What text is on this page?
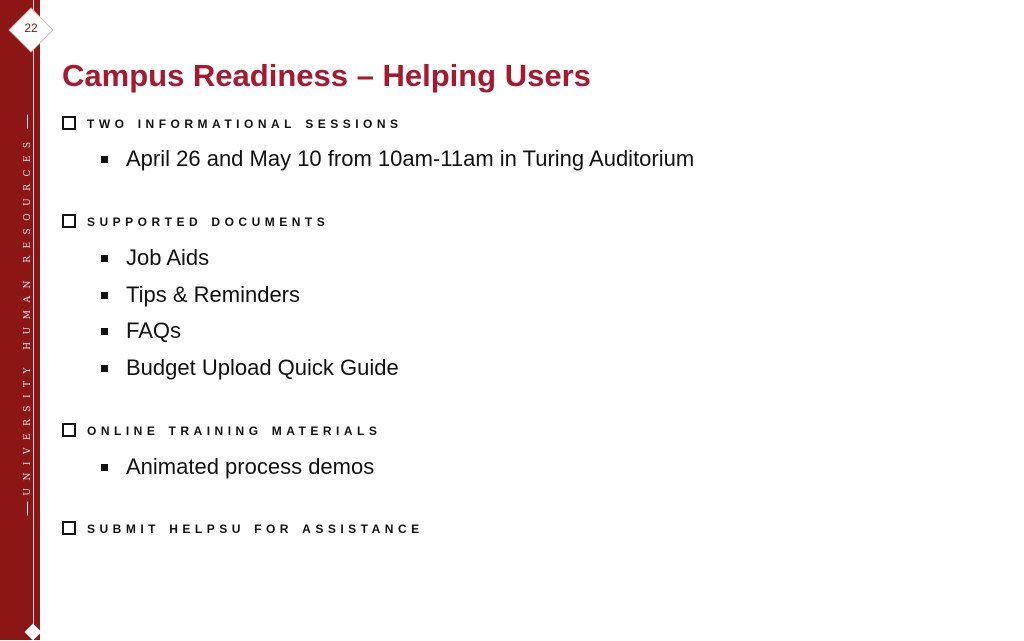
22
UNIVERSITY HUMAN RESOURCES
Campus Readiness – Helping Users
two informational sessions
April 26 and May 10 from 10am-11am in Turing Auditorium
supported documents
Job Aids
Tips & Reminders
FAQs
Budget Upload Quick Guide
online training materials
Animated process demos
submit helpsu for assistance
